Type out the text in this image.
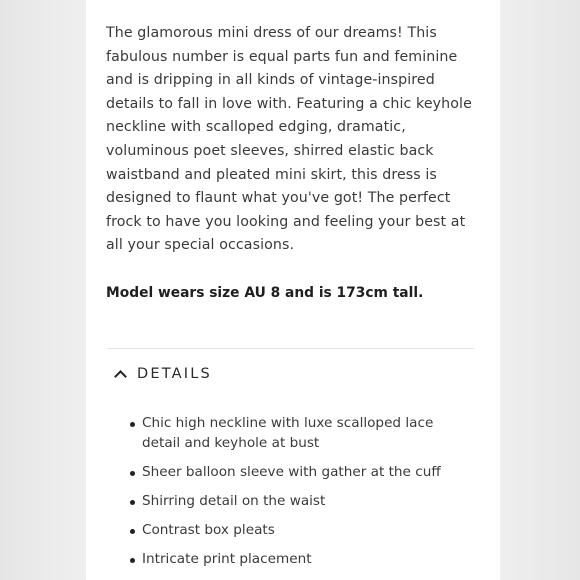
The glamorous mini dress of our dreams! This fabulous number is equal parts fun and feminine and is dripping in all kinds of vintage-inspired details to fall in love with. Featuring a chic keyhole neckline with scalloped edging, dramatic, voluminous poet sleeves, shirred elastic back waistband and pleated mini skirt, this dress is designed to flaunt what you've got! The perfect frock to have you looking and feeling your best at all your special occasions.

Model wears size AU 8 and is 173cm tall.

DETAILS
Chic high neckline with luxe scalloped lace detail and keyhole at bust
Sheer balloon sleeve with gather at the cuff
Shirring detail on the waist
Contrast box pleats
Intricate print placement
